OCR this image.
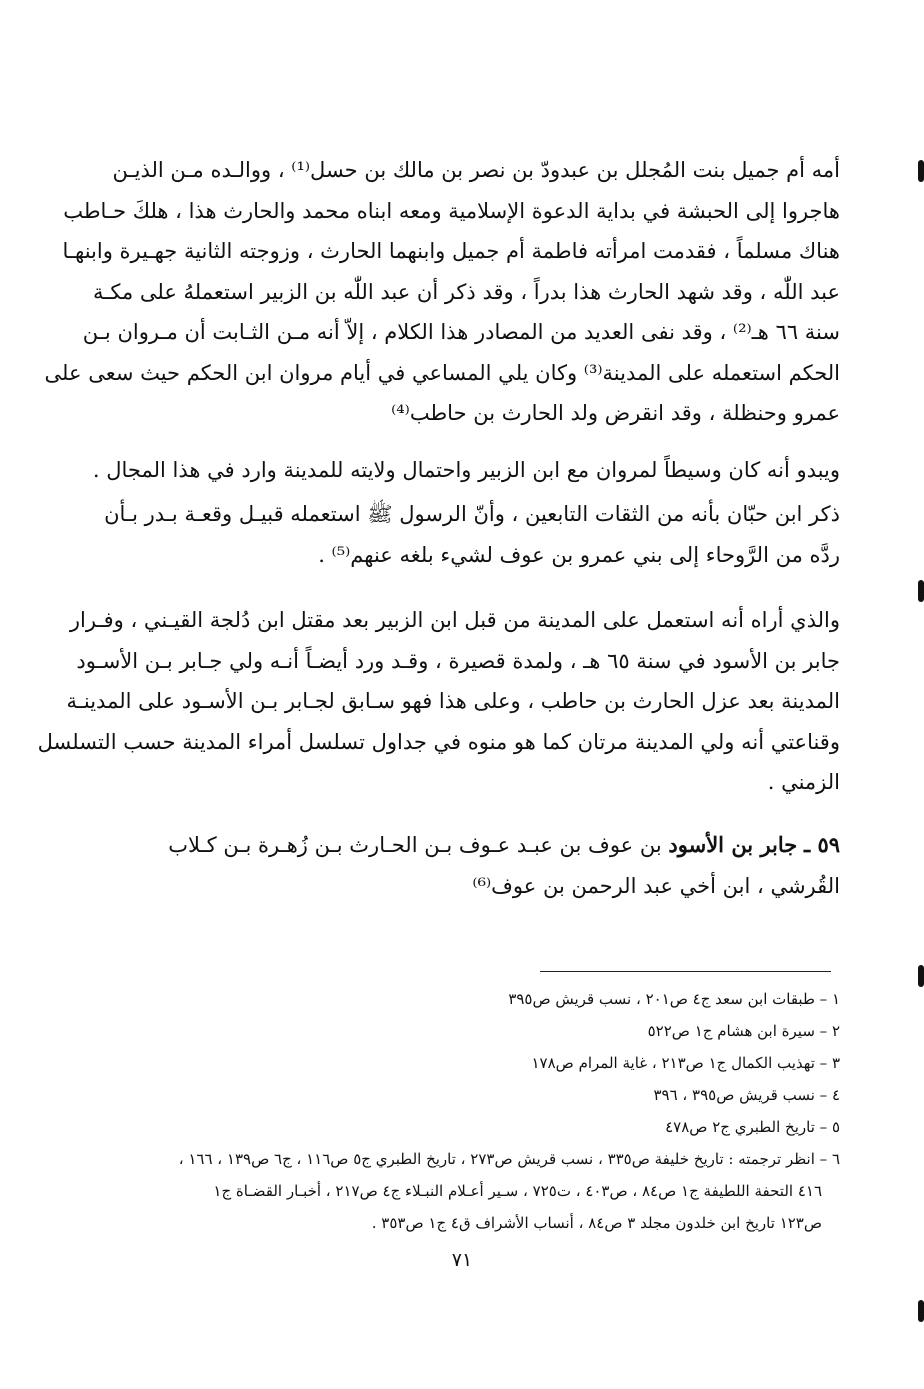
أمه أم جميل بنت المُجلل بن عبدودّ بن نصر بن مالك بن حسل⁽¹⁾ ، ووالـده مـن الذيـن
هاجروا إلى الحبشة في بداية الدعوة الإسلامية ومعه ابناه محمد والحارث هذا ، هلكَ حـاطب
هناك مسلماً ، فقدمت امرأته فاطمة أم جميل وابنهما الحارث ، وزوجته الثانية جهـيرة وابنهـا
عبد اللّٰه ، وقد شهد الحارث هذا بدراً ، وقد ذكر أن عبد اللّٰه بن الزبير استعملهُ على مكـة
سنة ٦٦ هـ⁽²⁾ ، وقد نفى العديد من المصادر هذا الكلام ، إلاّ أنه مـن الثـابت أن مـروان بـن
الحكم استعمله على المدينة⁽³⁾ وكان يلي المساعي في أيام مروان ابن الحكم حيث سعى على
عمرو وحنظلة ، وقد انقرض ولد الحارث بن حاطب⁽⁴⁾
ويبدو أنه كان وسيطاً لمروان مع ابن الزبير واحتمال ولايته للمدينة وارد في هذا المجال .
ذكر ابن حبّان بأنه من الثقات التابعين ، وأنّ الرسول ﷺ استعمله قبيـل وقعـة بـدر بـأن
ردَّه من الرَّوحاء إلى بني عمرو بن عوف لشيء بلغه عنهم⁽⁵⁾ .
والذي أراه أنه استعمل على المدينة من قبل ابن الزبير بعد مقتل ابن دُلجة القيـني ، وفـرار
جابر بن الأسود في سنة ٦٥ هـ ، ولمدة قصيرة ، وقـد ورد أيضـاً أنـه ولي جـابر بـن الأسـود
المدينة بعد عزل الحارث بن حاطب ، وعلى هذا فهو سـابق لجـابر بـن الأسـود على المدينـة
وقناعتي أنه ولي المدينة مرتان كما هو منوه في جداول تسلسل أمراء المدينة حسب التسلسل
الزمني .
٥٩ ـ جابر بن الأسود بن عوف بن عبـد عـوف بـن الحـارث بـن زُهـرة بـن كـلاب
القُرشي ، ابن أخي عبد الرحمن بن عوف⁽⁶⁾
١ – طبقات ابن سعد ج٤ ص٢٠١ ، نسب قريش ص٣٩٥
٢ – سيرة ابن هشام ج١ ص٥٢٢
٣ – تهذيب الكمال ج١ ص٢١٣ ، غاية المرام ص١٧٨
٤ – نسب قريش ص٣٩٥ ، ٣٩٦
٥ – تاريخ الطبري ج٢ ص٤٧٨
٦ – انظر ترجمته : تاريخ خليفة ص٣٣٥ ، نسب قريش ص٢٧٣ ، تاريخ الطبري ج٥ ص١١٦ ، ج٦ ص١٣٩ ، ١٦٦ ،
٤١٦ التحفة اللطيفة ج١ ص٨٤ ، ص٤٠٣ ، ت٧٢٥ ، سـير أعـلام النبـلاء ج٤ ص٢١٧ ، أخبـار القضـاة ج١
ص١٢٣ تاريخ ابن خلدون مجلد ٣ ص٨٤ ، أنساب الأشراف ق٤ ج١ ص٣٥٣ .
٧١
